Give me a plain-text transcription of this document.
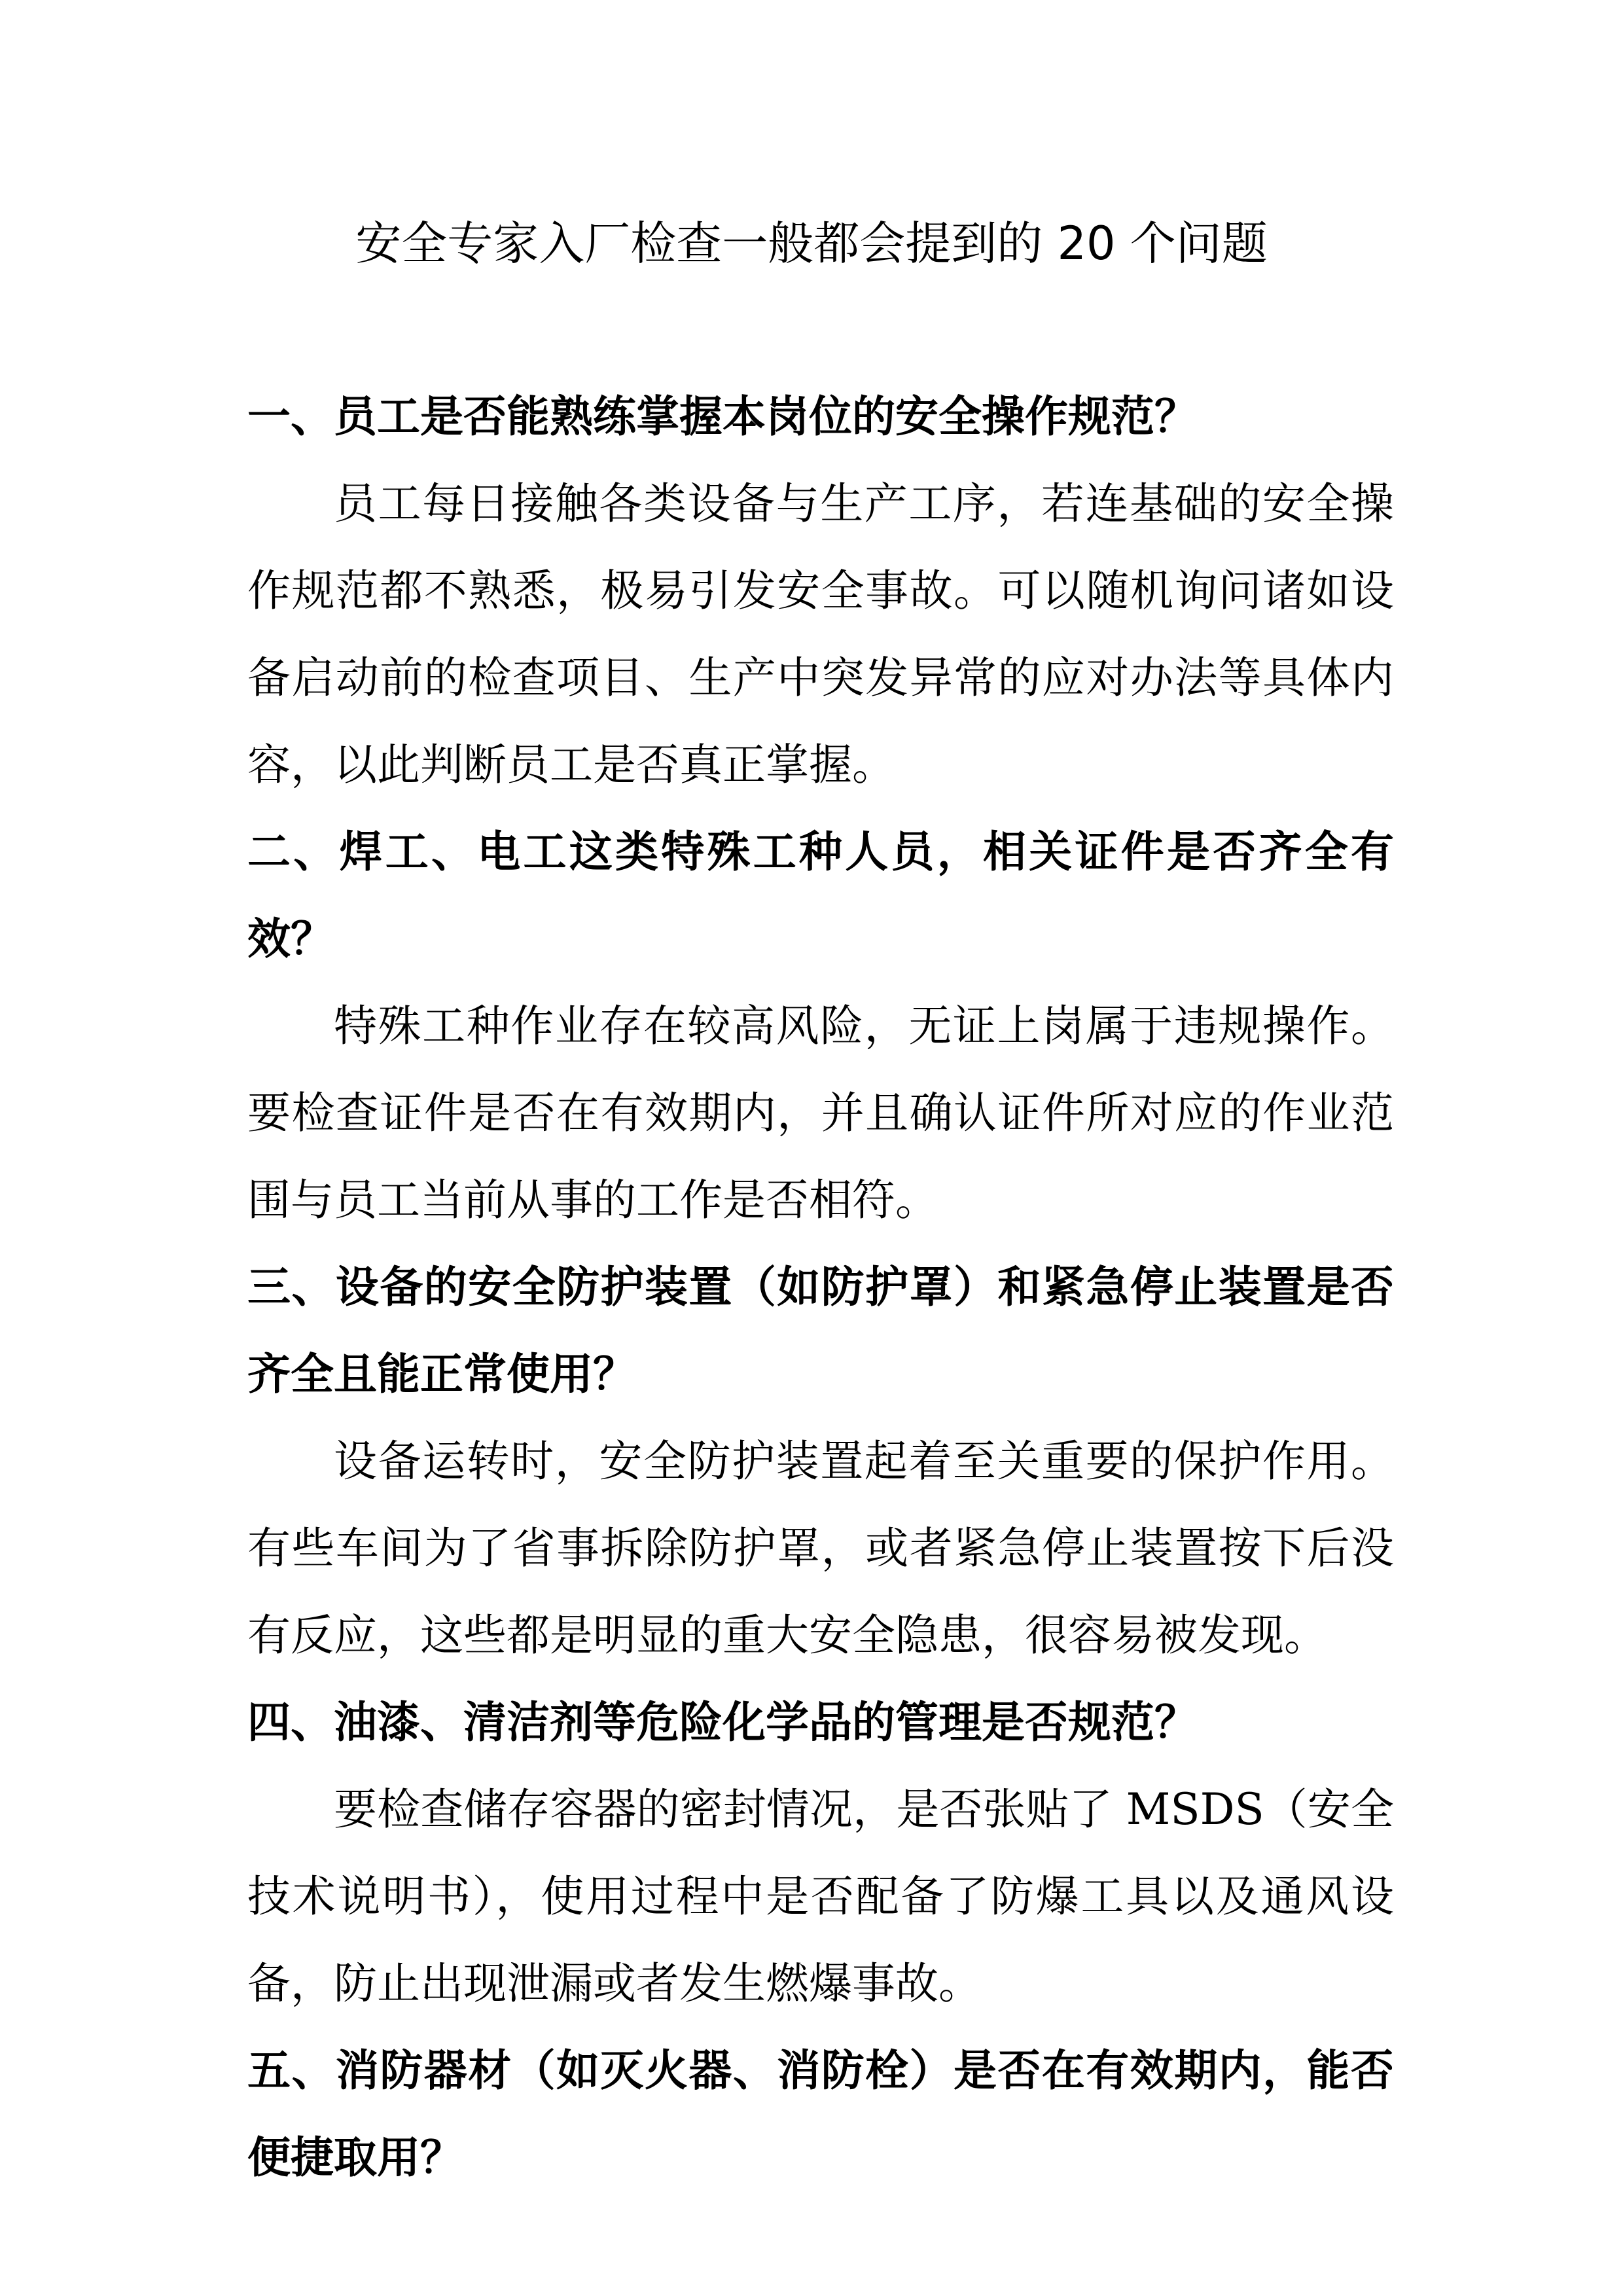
安全专家入厂检查一般都会提到的 20 个问题

一、员工是否能熟练掌握本岗位的安全操作规范？

员工每日接触各类设备与生产工序，若连基础的安全操作规范都不熟悉，极易引发安全事故。可以随机询问诸如设备启动前的检查项目、生产中突发异常的应对办法等具体内容，以此判断员工是否真正掌握。

二、焊工、电工这类特殊工种人员，相关证件是否齐全有效？

特殊工种作业存在较高风险，无证上岗属于违规操作。要检查证件是否在有效期内，并且确认证件所对应的作业范围与员工当前从事的工作是否相符。

三、设备的安全防护装置（如防护罩）和紧急停止装置是否齐全且能正常使用？

设备运转时，安全防护装置起着至关重要的保护作用。有些车间为了省事拆除防护罩，或者紧急停止装置按下后没有反应，这些都是明显的重大安全隐患，很容易被发现。

四、油漆、清洁剂等危险化学品的管理是否规范？

要检查储存容器的密封情况，是否张贴了 MSDS（安全技术说明书），使用过程中是否配备了防爆工具以及通风设备，防止出现泄漏或者发生燃爆事故。

五、消防器材（如灭火器、消防栓）是否在有效期内，能否便捷取用？
